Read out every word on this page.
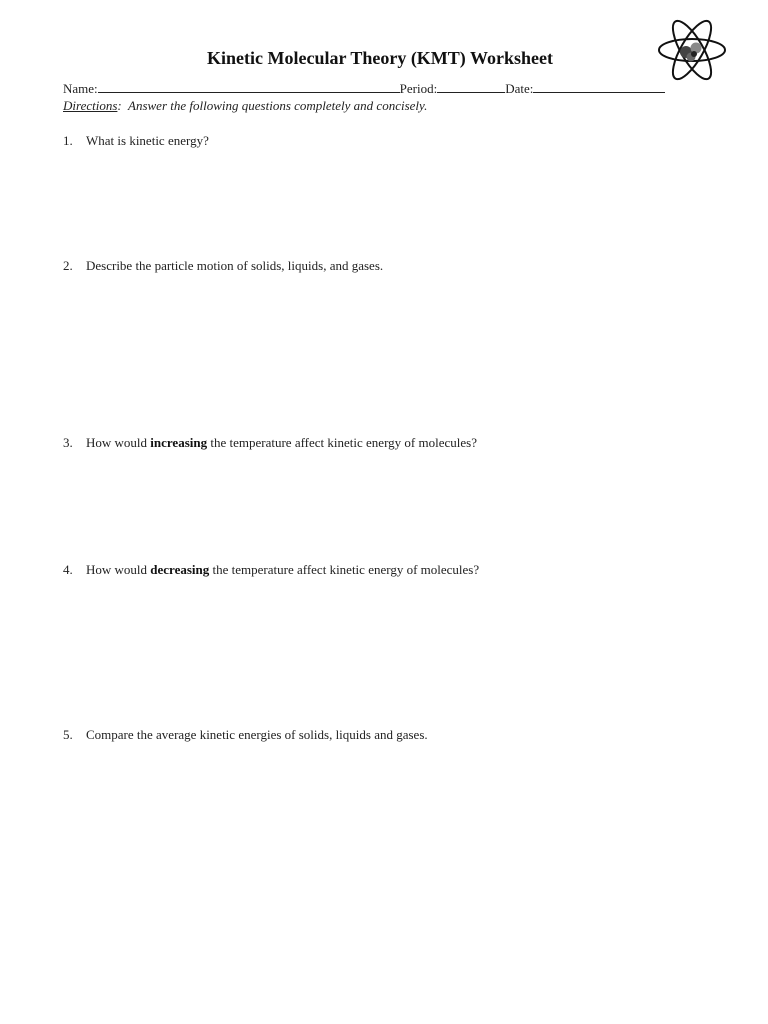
Kinetic Molecular Theory (KMT) Worksheet
Name:	Period:	Date:
Directions:  Answer the following questions completely and concisely.
1.	What is kinetic energy?
2.	Describe the particle motion of solids, liquids, and gases.
3.	How would increasing the temperature affect kinetic energy of molecules?
4.	How would decreasing the temperature affect kinetic energy of molecules?
5.	Compare the average kinetic energies of solids, liquids and gases.
